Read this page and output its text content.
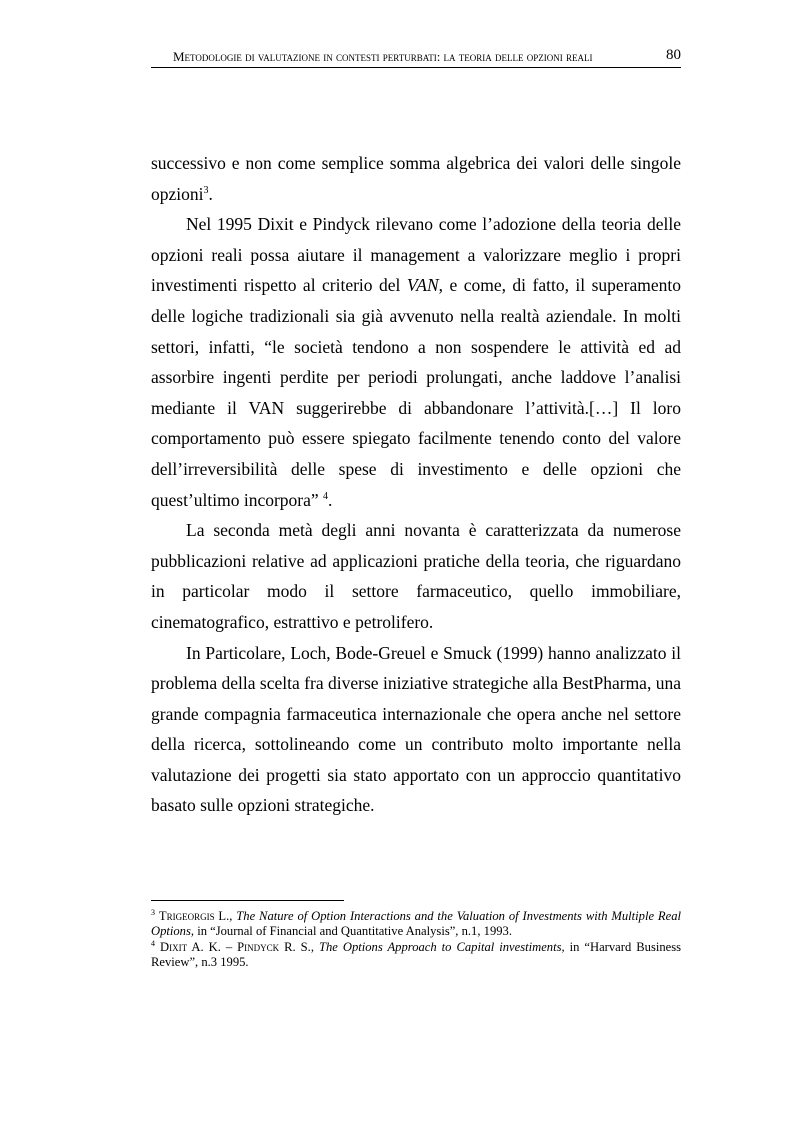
Metodologie di valutazione in contesti perturbati: la teoria delle opzioni reali	80

successivo e non come semplice somma algebrica dei valori delle singole opzioni$^3$.

Nel 1995 Dixit e Pindyck rilevano come l’adozione della teoria delle opzioni reali possa aiutare il management a valorizzare meglio i propri investimenti rispetto al criterio del VAN, e come, di fatto, il superamento delle logiche tradizionali sia già avvenuto nella realtà aziendale. In molti settori, infatti, “le società tendono a non sospendere le attività ed ad assorbire ingenti perdite per periodi prolungati, anche laddove l’analisi mediante il VAN suggerirebbe di abbandonare l’attività.[…] Il loro comportamento può essere spiegato facilmente tenendo conto del valore dell’irreversibilità delle spese di investimento e delle opzioni che quest’ultimo incorpora” $^4$.

La seconda metà degli anni novanta è caratterizzata da numerose pubblicazioni relative ad applicazioni pratiche della teoria, che riguardano in particolar modo il settore farmaceutico, quello immobiliare, cinematografico, estrattivo e petrolifero.

In Particolare, Loch, Bode-Greuel e Smuck (1999) hanno analizzato il problema della scelta fra diverse iniziative strategiche alla BestPharma, una grande compagnia farmaceutica internazionale che opera anche nel settore della ricerca, sottolineando come un contributo molto importante nella valutazione dei progetti sia stato apportato con un approccio quantitativo basato sulle opzioni strategiche.

$^3$ Trigeorgis L., The Nature of Option Interactions and the Valuation of Investments with Multiple Real Options, in “Journal of Financial and Quantitative Analysis”, n.1, 1993.

$^4$ Dixit A. K. – Pindyck R. S., The Options Approach to Capital investiments, in “Harvard Business Review”, n.3 1995.
